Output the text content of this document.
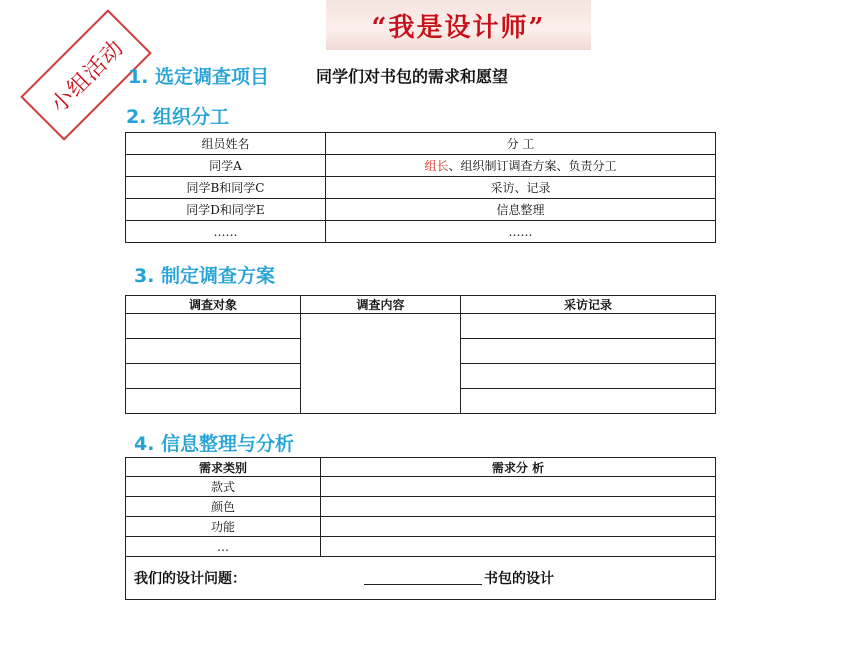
“我是设计师”
小组活动 1. 选定调查项目	同学们对书包的需求和愿望
2. 组织分工
组员姓名	分 工
同学A	组长、组织制订调查方案、负责分工
同学B和同学C	采访、记录
同学D和同学E	信息整理
……	……
3. 制定调查方案
调查对象	调查内容	采访记录

4. 信息整理与分析
需求类别	需求分 析
款式	
颜色	
功能	
…	
我们的设计问题： 书包的设计	
